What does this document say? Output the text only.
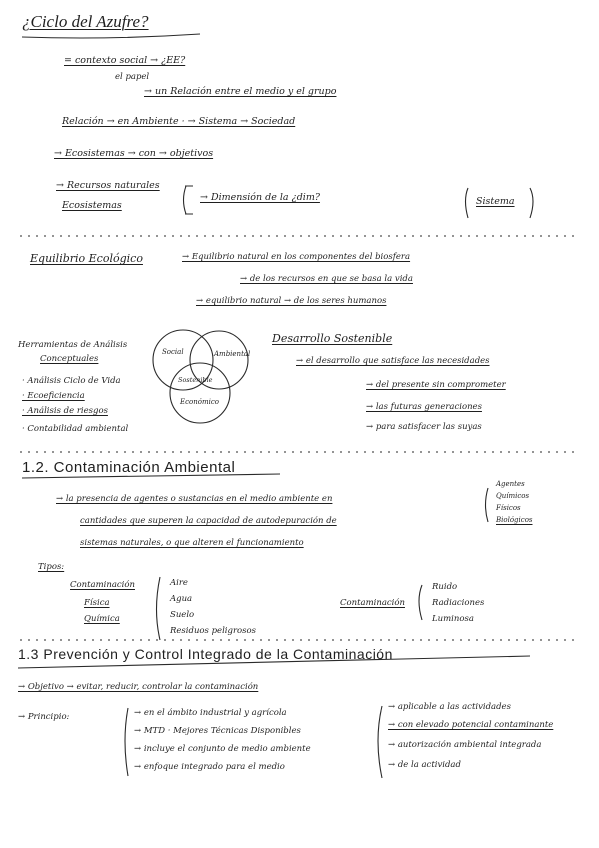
¿Ciclo del Azufre?
= contexto social → ¿EE?
el papel
→ un Relación entre el medio y el grupo
Relación → en Ambiente · → Sistema → Sociedad
→ Ecosistemas → con → objetivos
→ Recursos naturales
Ecosistemas
→ Dimensión de la ¿dim?	Sistema
Equilibrio Ecológico	→ Equilibrio natural en los componentes del biosfera
→ de los recursos en que se basa la vida
→ equilibrio natural → de los seres humanos
Herramientas de Análisis
Conceptuales
· Análisis Ciclo de Vida
· Ecoeficiencia
· Análisis de riesgos
· Contabilidad ambiental
Social	Ambiental
Económico
Sostenible
Desarrollo Sostenible
→ el desarrollo que satisface las necesidades
→ del presente sin comprometer
→ las futuras generaciones
→ para satisfacer las suyas
1.2. Contaminación Ambiental
→ la presencia de agentes o sustancias en el medio ambiente en
cantidades que superen la capacidad de autodepuración de
sistemas naturales, o que alteren el funcionamiento
Agentes
Químicos
Físicos
Biológicos
Tipos:
Contaminación
Física
Química
Aire
Agua
Suelo
Residuos peligrosos
Contaminación
Ruido
Radiaciones
Luminosa
1.3 Prevención y Control Integrado de la Contaminación
→ Objetivo → evitar, reducir, controlar la contaminación
→ Principio:	→ en el ámbito industrial y agrícola
→ MTD · Mejores Técnicas Disponibles
→ incluye el conjunto de medio ambiente
→ enfoque integrado para el medio
→ aplicable a las actividades
→ con elevado potencial contaminante
→ autorización ambiental integrada
→ de la actividad
